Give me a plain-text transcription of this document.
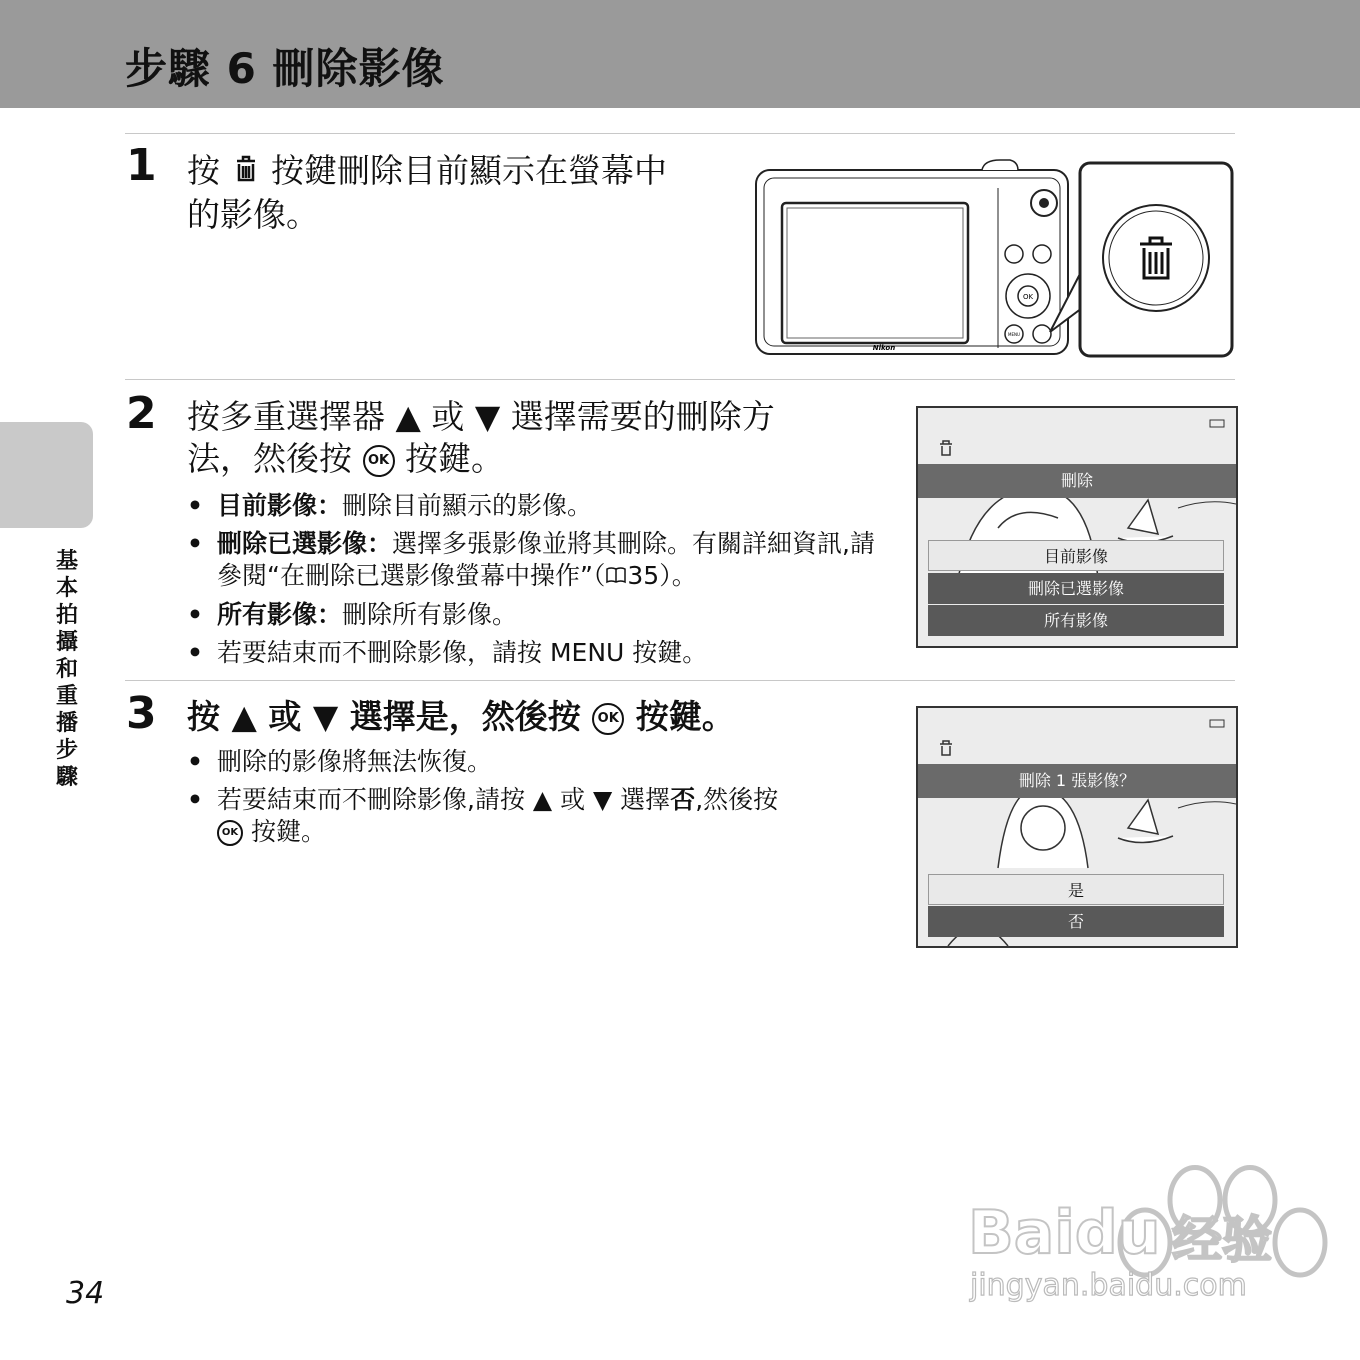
步驟 6 刪除影像
基本拍攝和重播步驟
1 按 按鍵刪除目前顯示在螢幕中
的影像。
OK
MENU
Nikon
2 按多重選擇器 ▲ 或 ▼ 選擇需要的刪除方
法，然後按 OK 按鍵。
• 目前影像：刪除目前顯示的影像。
• 刪除已選影像：選擇多張影像並將其刪除。有關詳細資訊,請參閱“在刪除已選影像螢幕中操作”（ 35）。
• 所有影像：刪除所有影像。
• 若要結束而不刪除影像，請按 MENU 按鍵。
刪除
目前影像
刪除已選影像
所有影像
3 按 ▲ 或 ▼ 選擇是，然後按 OK 按鍵。
• 刪除的影像將無法恢復。
• 若要結束而不刪除影像,請按 ▲ 或 ▼ 選擇否,然後按
OK 按鍵。
刪除 1 張影像？
是
否
34
Baidu 经验
jingyan.baidu.com
